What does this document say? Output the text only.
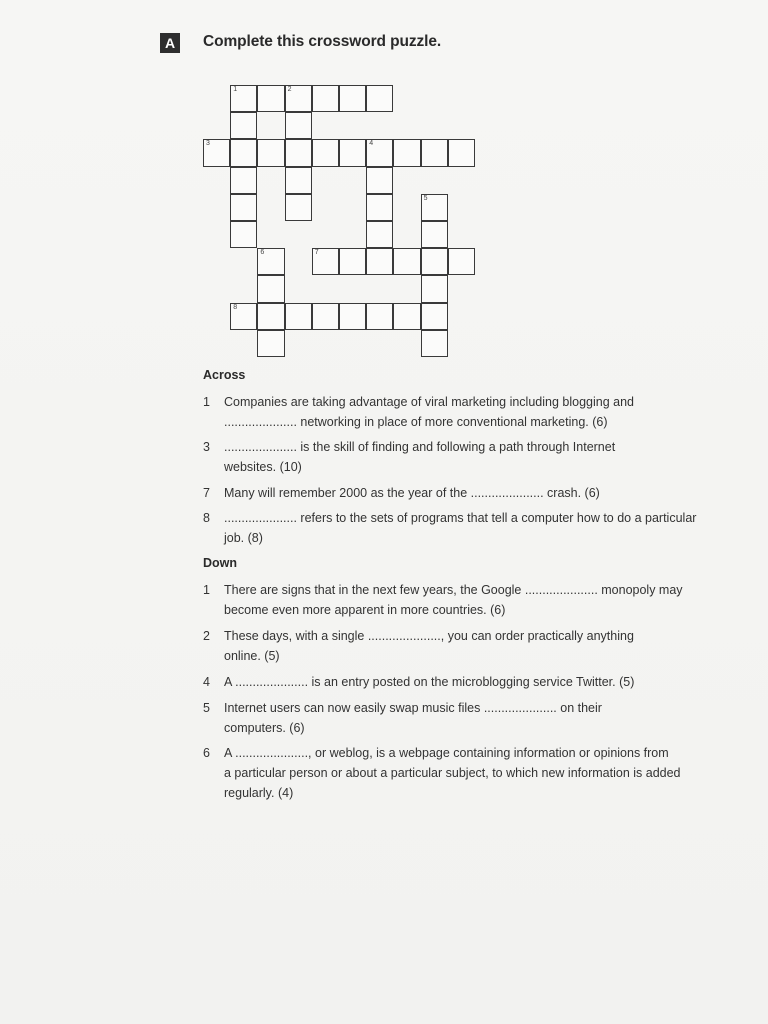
A	Complete this crossword puzzle.
1	2
3	4
5
6	7
8
Across
1	Companies are taking advantage of viral marketing including blogging and
..................... networking in place of more conventional marketing. (6)
3	..................... is the skill of finding and following a path through Internet
websites. (10)
7	Many will remember 2000 as the year of the ..................... crash. (6)
8	..................... refers to the sets of programs that tell a computer how to do a particular
job. (8)
Down
1	There are signs that in the next few years, the Google ..................... monopoly may
become even more apparent in more countries. (6)
2	These days, with a single ....................., you can order practically anything
online. (5)
4	A ..................... is an entry posted on the microblogging service Twitter. (5)
5	Internet users can now easily swap music files ..................... on their
computers. (6)
6	A ....................., or weblog, is a webpage containing information or opinions from
a particular person or about a particular subject, to which new information is added
regularly. (4)
